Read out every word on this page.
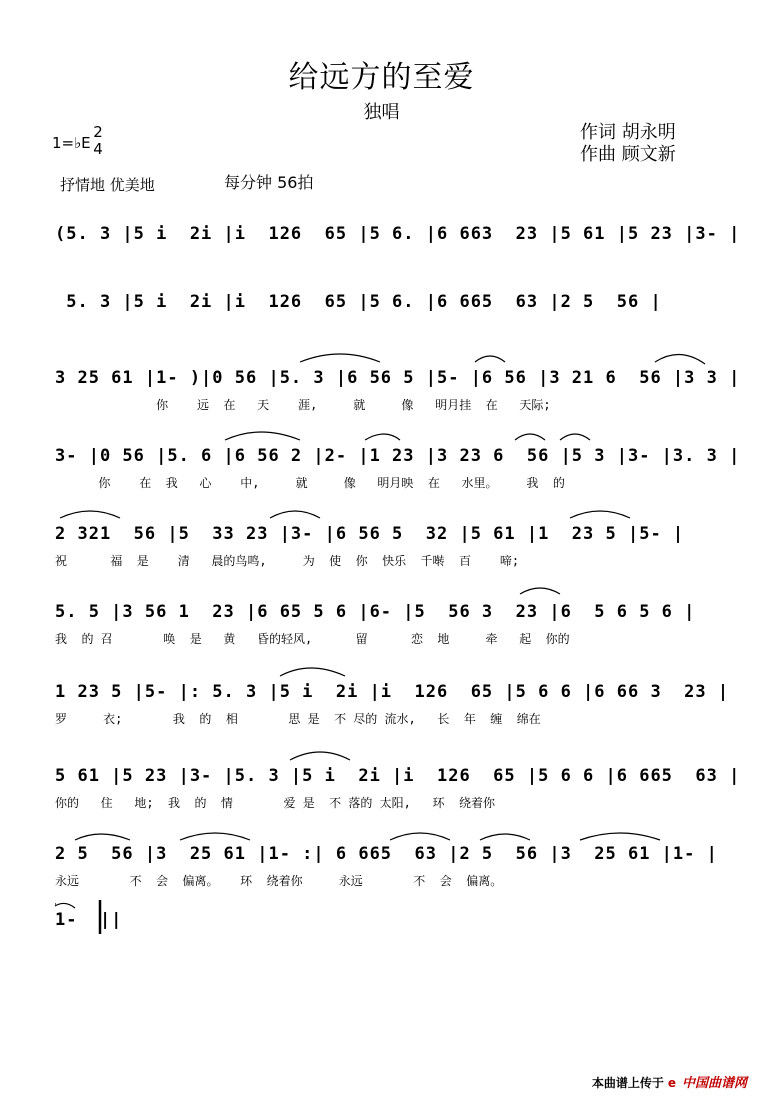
给远方的至爱
独唱
1=♭E
2
4
作词 胡永明
作曲 顾文新
抒情地 优美地	每分钟 56拍
(5. 3 |5 i  2i |i  126  65 |5 6. |6 663  23 |5 61 |5 23 |3- |
5. 3 |5 i  2i |i  126  65 |5 6. |6 665  63 |2 5  56 |
3 25 61 |1- )|0 56 |5. 3 |6 56 5 |5- |6 56 |3 21 6  56 |3 3 |
你    远  在   天    涯,     就     像   明月挂  在   天际;
3- |0 56 |5. 6 |6 56 2 |2- |1 23 |3 23 6  56 |5 3 |3- |3. 3 |
你    在  我   心    中,     就     像   明月映  在   水里。    我  的
2 321  56 |5  33 23 |3- |6 56 5  32 |5 61 |1  23 5 |5- |
祝      福  是    清   晨的鸟鸣,     为  使  你  快乐  千啭  百    啼;
5. 5 |3 56 1  23 |6 65 5 6 |6- |5  56 3  23 |6  5 6 5 6 |
我  的 召       唤  是   黄   昏的轻风,      留      恋  地     牵   起  你的
1 23 5 |5- |: 5. 3 |5 i  2i |i  126  65 |5 6 6 |6 66 3  23 |
罗     衣;       我  的  相       思 是  不 尽的 流水,   长  年  缠  绵在
5 61 |5 23 |3- |5. 3 |5 i  2i |i  126  65 |5 6 6 |6 665  63 |
你的   住   地;  我  的  情       爱 是  不 落的 太阳,   环  绕着你
2 5  56 |3  25 61 |1- :| 6 665  63 |2 5  56 |3  25 61 |1- |
永远       不  会  偏离。   环  绕着你     永远       不  会  偏离。
1-  ||
本曲谱上传于 e 中国曲谱网
